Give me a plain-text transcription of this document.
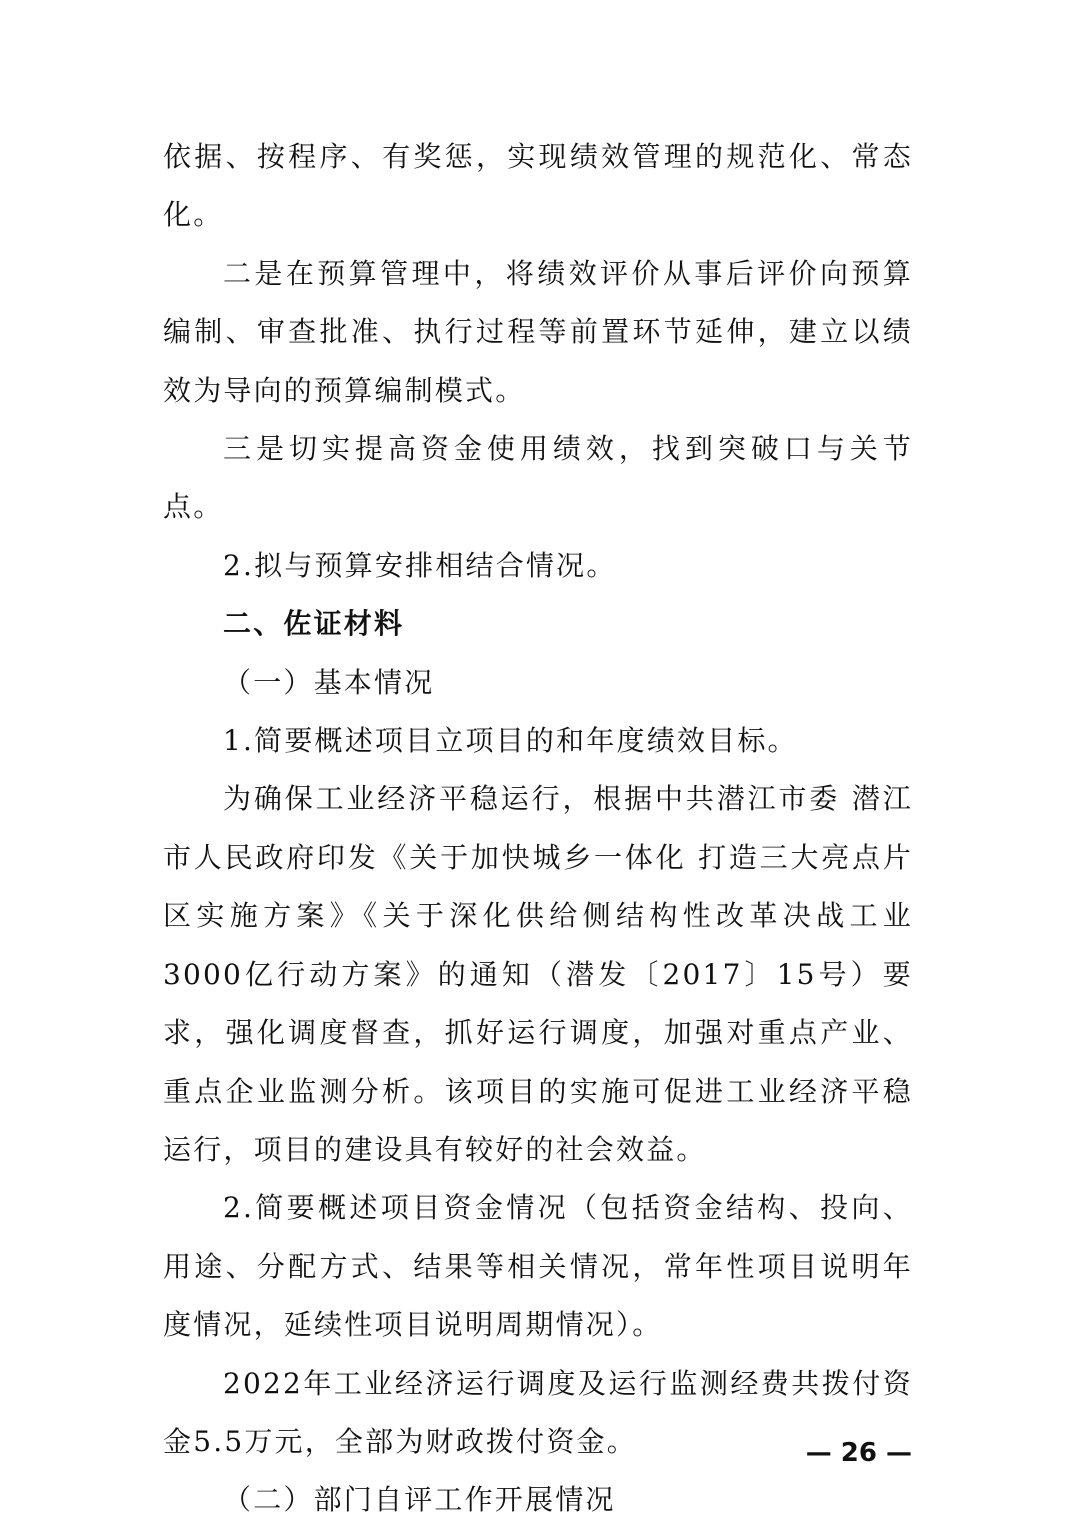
依据、按程序、有奖惩，实现绩效管理的规范化、常态化。

二是在预算管理中，将绩效评价从事后评价向预算编制、审查批准、执行过程等前置环节延伸，建立以绩效为导向的预算编制模式。

三是切实提高资金使用绩效，找到突破口与关节点。

2.拟与预算安排相结合情况。

二、佐证材料

（一）基本情况

1.简要概述项目立项目的和年度绩效目标。

为确保工业经济平稳运行，根据中共潜江市委 潜江市人民政府印发《关于加快城乡一体化 打造三大亮点片区实施方案》《关于深化供给侧结构性改革决战工业3000亿行动方案》的通知（潜发〔2017〕15号）要求，强化调度督查，抓好运行调度，加强对重点产业、重点企业监测分析。该项目的实施可促进工业经济平稳运行，项目的建设具有较好的社会效益。

2.简要概述项目资金情况（包括资金结构、投向、用途、分配方式、结果等相关情况，常年性项目说明年度情况，延续性项目说明周期情况）。

2022年工业经济运行调度及运行监测经费共拨付资金5.5万元，全部为财政拨付资金。

（二）部门自评工作开展情况

— 26 —
